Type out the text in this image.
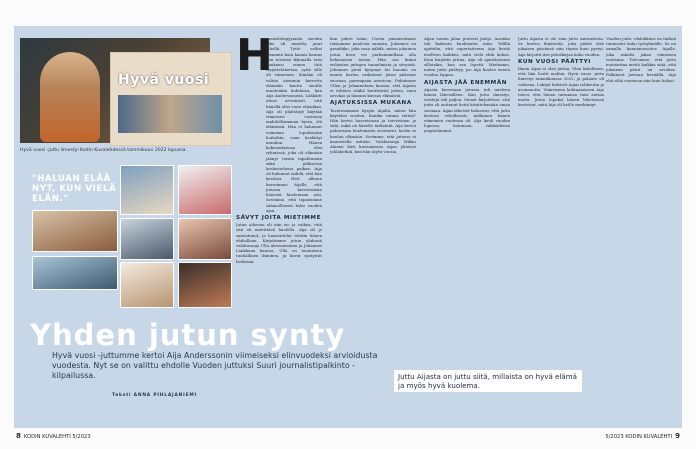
Hyvä vuosi
Hyvä vuosi -juttu ilmestyi Kodin Kuvalehdessä tammikuun 2022 lopussa.
"HALUAN ELÄÄ NYT, KUN VIELÄ ELÄN."
Yhden jutun synty
Hyvä vuosi -juttumme kertoi Aija Anderssonin viimeiseksi elinvuodeksi arvioidusta vuodesta. Nyt se on valittu ehdolle Vuoden juttuksi Suuri journalistipalkinto -kilpailussa.
Teksti ANNA PIHLAJANIEMI
H
aastattelupyynnön viestiin aihe oli nimetty juuri lähellä. Tyttö valitsi aiemmin kuin kaunis kaunis kuu toistaisi ikkunalla taisi kuukausi ennen tätä tarjottelukertaa, syitä sille oli viimeinen. Siinään oli valtaa aiemmin kerrottu elämään kautta sinulle muutenkin kohdassa, kun Aija Anderssonista. Lääkärit olivat arvioineet, että hänellä olisi vuosi elinaikaa. Aija oli päättänyt käyttää viimeisen vuotensa mahdollisimman hyvin, elä elämässä. Hän ei halunnut voimiaan loputtomiin hoitoihin, vaan keskittyi muuhun. Hänen kokemuksensa olisi ryhmässä, joka oli elämään jäänyt toisiin tapahtumiin sekä julkisessa keskustelussa paikan. Aija oli halunnut nähdä, että hän kestäisi. Heti alkuun kerroimme Aijalle, että jutussa kerrottaisiin hänestä kuolemaan asti. Sovimme, että tapaisimme säännöllisesti koko vuoden ajan.
SÄVYT JOITA MIETIMME
Jutun aiheena oli niin iso ja vaikea, että sitä oli mietittävä huolella. Aija oli jo sairastunut, ja haastattelut tehtiin hänen ehdoillaan. Kirjoitimme jutun yhdessä valokuvaaja Ulla Ahvenniemen ja Johannes Lankkaan kanssa. Ulla on luontaisen rauhallinen ihminen, ja kuvat syntyivät hetkessä.
kun jokeri toimi. Useita ymmärrämme toisiamme puolesta sanasta. Johannes on graafikko, joka osaa nähdä, miten jokainen jutun kuva voi parhaimmillaan olla kokonaisen tarina. Hän saa kiinni erilaisten juttujen tunnelmista ja sävyistä. Johannes pieni kysymys tai huomio on monta kertaa ratkaissut jutun pääasiat suoraan, parempaan asentoon. Puhuimme Ullan ja Johanneksen kanssa, että Aijasta ei tehtäisi sääliä herättävää juttua, vaan arvokas ja lämmin kuvaus elämästä.
AJATUKSISSA MUKANA
Tavatessamme kysyin Aijalta, miten hän käyttäisi vuoden. Kuinka voimia riittää? Hän kertoi haaveistaan ja toiveistaan ja siitä, mikä on hänelle tärkeintä. Aija kertoi puhuvansa kuolemasta avoimesti, koska se kuuluu elämään. Sovimme, että jutussa ei kaunistella mitään. Valokuvaaja Mikko Alanen kävi kuvaamassa Aijan yhteisiä juhlahetkiä, kun hän täytti vuosia.
Aijan tomen jalan protesti jäätyi. Aurinko tuli kaikesta huolimatta esiin. Välillä ajattelin, että supertaiteena Aija kerää itselleen kaikkea, mitä vielä ehtii kokea. Kuin kirjoitin juttua, Aija oli ajatuksissani silloinkin, kun sen lopetti. Mietimme, miten juttu päättyy, jos Aija kuolee ennen vuoden loppua.
AIJASTA JÄÄ ENEMMÄN
Aijasta kerrotaan jutussa tuli mieleen hänen läheisilleen. Kun juttu ilmestyi, viestejä tuli paljon. Monet kirjoittivat, että juttu oli auttanut heitä käsittelemään omaa suruaan. Aijan läheiset halusivat, että juttu kertoisi rehellisesti, millainen hänen viimeinen vuotensa oli. Aija kuoli vuoden lopussa, kotonaan, rakkaidensa ympäröimänä.
Juttu Aijasta ei ole vain juttu sairaudesta. Se kertoo ihmisestä, joka päätti elää jokaisen päivänsä niin täysin kuin pystyi. Aija kirjoitti itse päiväkirjaa koko vuoden.
KUN VUOSI PÄÄTTYI
Ilman Aijaa ei olisi juttua. Olen kiitollinen, että hän luotti meihin. Hyvä vuosi -juttu ilmestyi tammikuussa 2022, ja palaute oli valtavaa. Lukijat kiittivät Aijan rohkeutta ja avoimuutta. Viimeiseen kohtaamiseen Aija toivoi, että hänen tarinansa voisi auttaa muita. Jutun lopuksi hänen läheisensä kertoivat, mitä Aija oli heille merkinnyt.
Vuoden juttu -ehdokkuus on tärkeä tunnustus koko työryhmälle. Se on samalla kunnianosoitus Aijalle, joka uskalsi jakaa viimeisen vuotensa. Toivomme, että juttu muistuttaa meitä kaikkia siitä, että jokainen päivä on arvokas. Palkinnot jaetaan keväällä. Aija ehti elää vuotensa niin kuin halusi.
Juttu Aijasta on juttu siitä, millaista on hyvä elämä ja myös hyvä kuolema.
8 KODIN KUVALEHTI 5/2023	5/2023 KODIN KUVALEHTI 9
